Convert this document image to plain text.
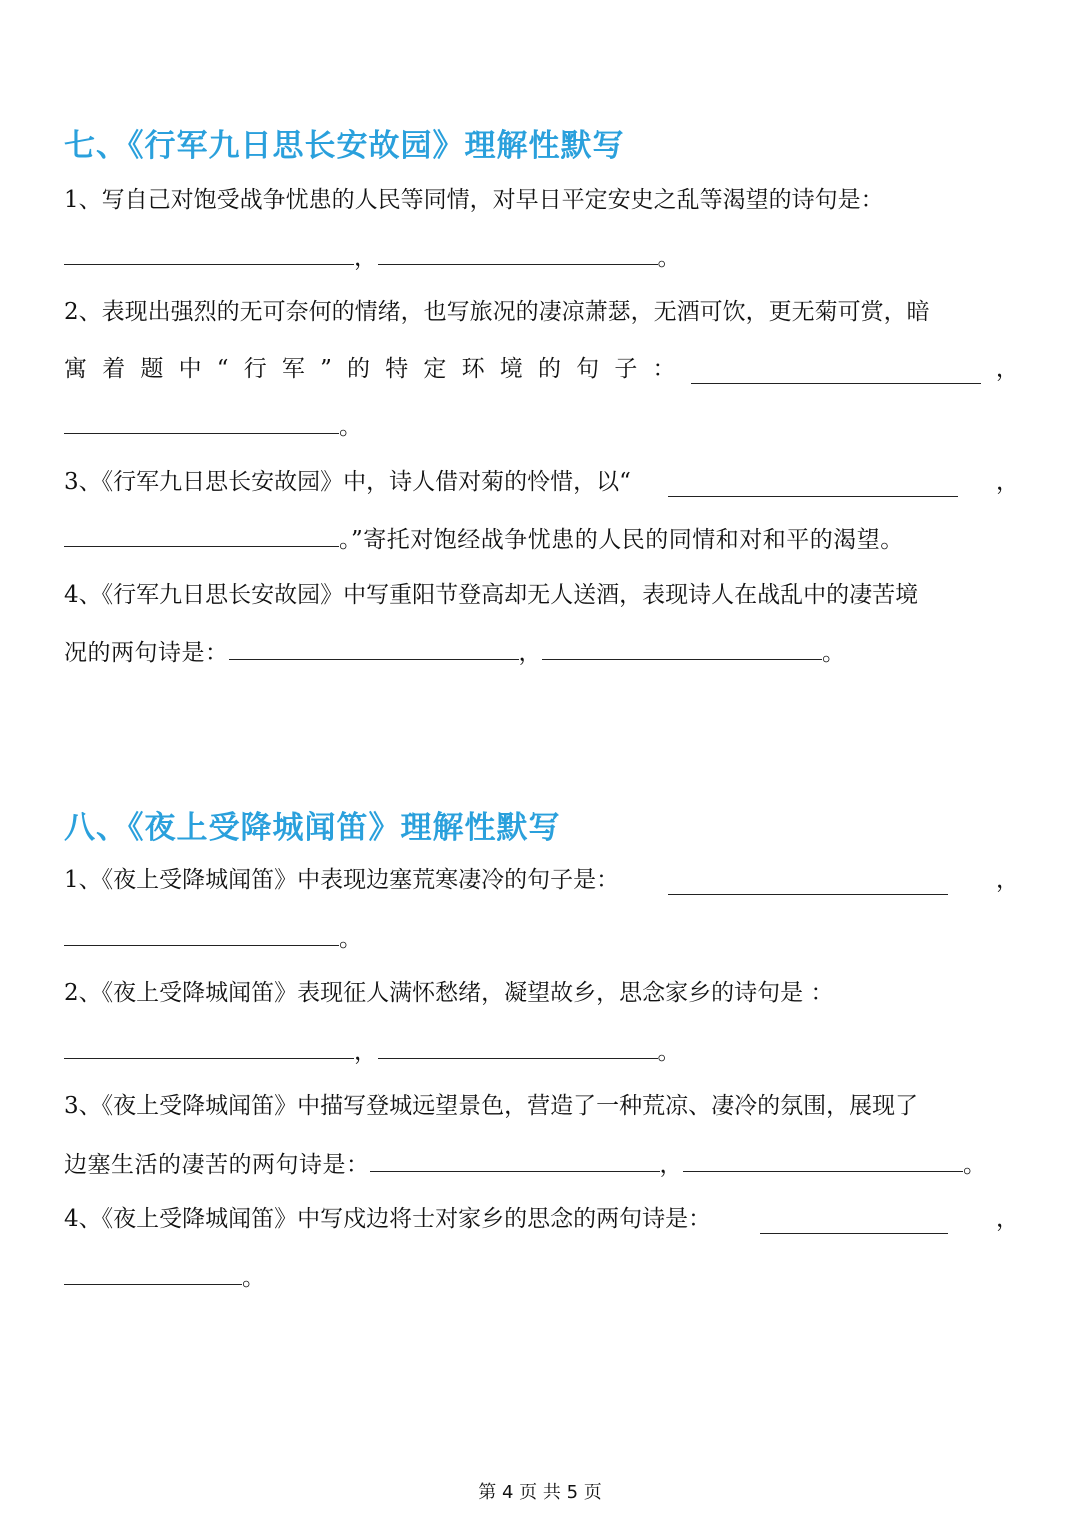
七、《行军九日思长安故园》理解性默写
1、写自己对饱受战争忧患的人民等同情，对早日平定安史之乱等渴望的诗句是：
，	。
2、表现出强烈的无可奈何的情绪，也写旅况的凄凉萧瑟，无酒可饮，更无菊可赏，暗
寓 着 题 中 “ 行 军 ” 的 特 定 环 境 的 句 子 ：	，
。
3、《行军九日思长安故园》中，诗人借对菊的怜惜，以“	，
。”寄托对饱经战争忧患的人民的同情和对和平的渴望。
4、《行军九日思长安故园》中写重阳节登高却无人送酒，表现诗人在战乱中的凄苦境
况的两句诗是：	，	。
八、《夜上受降城闻笛》理解性默写
1、《夜上受降城闻笛》中表现边塞荒寒凄冷的句子是：	，
。
2、《夜上受降城闻笛》表现征人满怀愁绪，凝望故乡，思念家乡的诗句是 ：
，	。
3、《夜上受降城闻笛》中描写登城远望景色，营造了一种荒凉、凄冷的氛围，展现了
边塞生活的凄苦的两句诗是：	，	。
4、《夜上受降城闻笛》中写戍边将士对家乡的思念的两句诗是：	，
。
第 4 页 共 5 页
